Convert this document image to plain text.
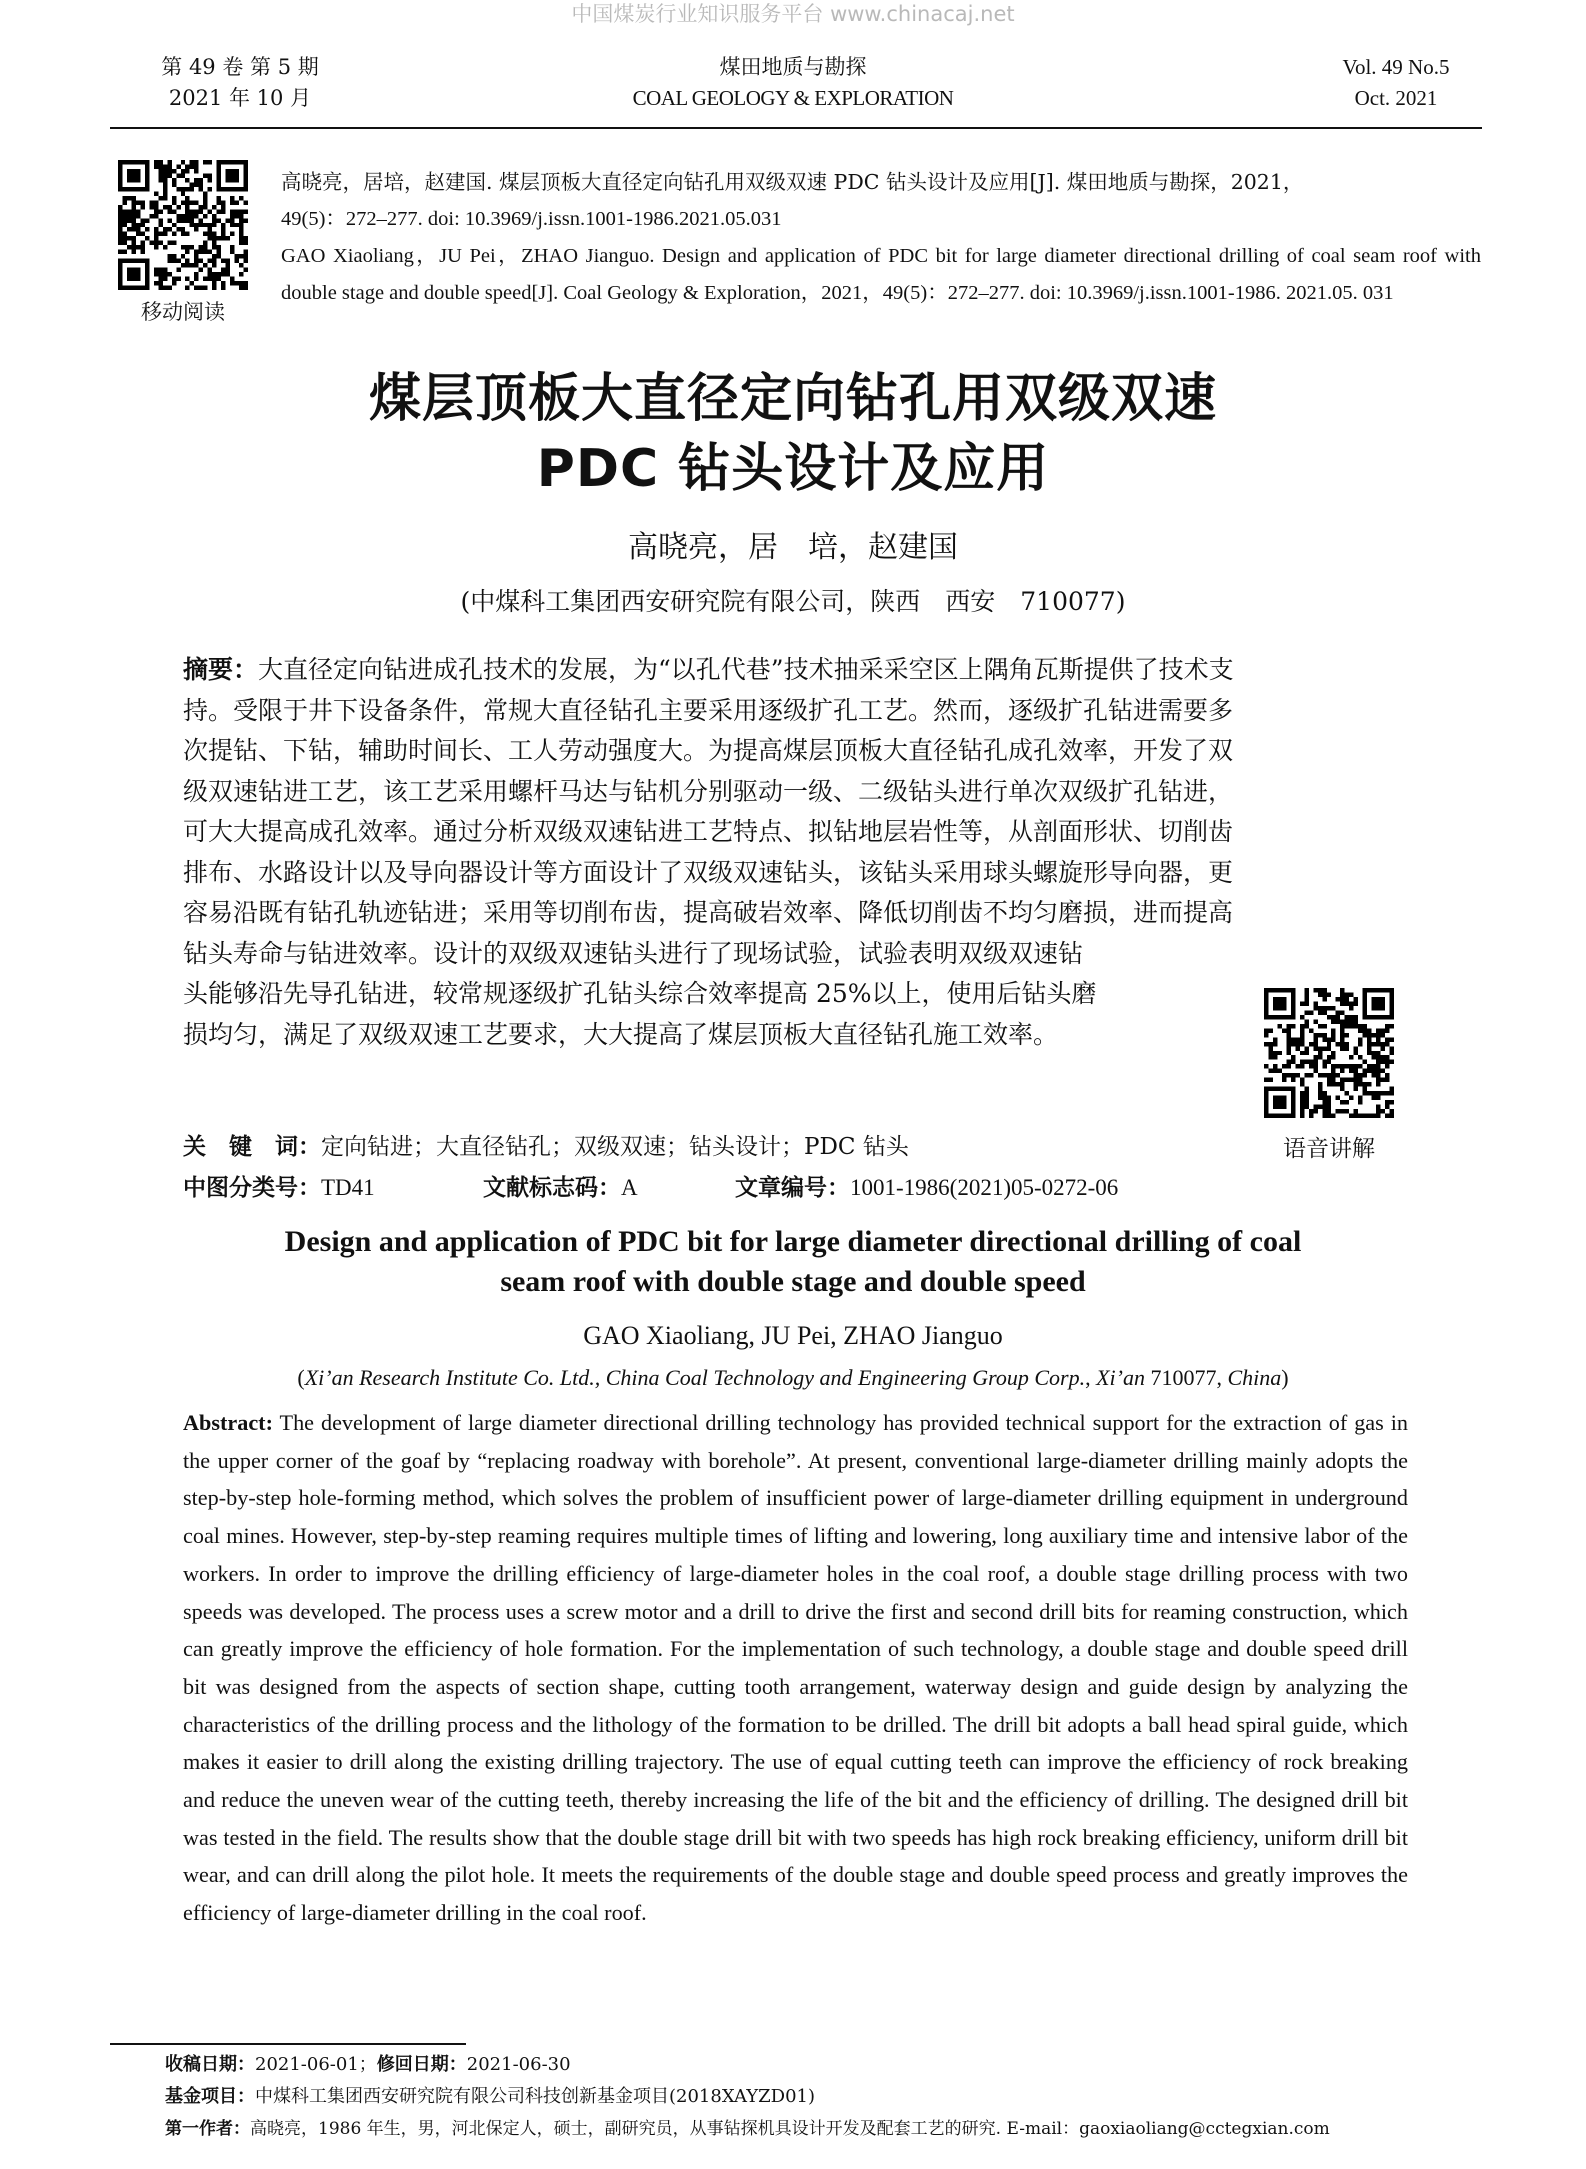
中国煤炭行业知识服务平台 www.chinacaj.net
第 49 卷 第 5 期
2021 年 10 月
煤田地质与勘探
COAL GEOLOGY & EXPLORATION
Vol. 49 No.5
Oct. 2021
移动阅读

高晓亮，居培，赵建国. 煤层顶板大直径定向钻孔用双级双速 PDC 钻头设计及应用[J]. 煤田地质与勘探，2021，

49(5)：272–277. doi: 10.3969/j.issn.1001-1986.2021.05.031

GAO Xiaoliang，JU Pei，ZHAO Jianguo. Design and application of PDC bit for large diameter directional drilling of coal seam roof with double stage and double speed[J]. Coal Geology & Exploration，2021，49(5)：272–277. doi: 10.3969/j.issn.1001-1986. 2021.05. 031

煤层顶板大直径定向钻孔用双级双速
PDC 钻头设计及应用
高晓亮，居　培，赵建国
(中煤科工集团西安研究院有限公司，陕西　西安　710077)
摘要：大直径定向钻进成孔技术的发展，为“以孔代巷”技术抽采采空区上隅角瓦斯提供了技术支
持。受限于井下设备条件，常规大直径钻孔主要采用逐级扩孔工艺。然而，逐级扩孔钻进需要多
次提钻、下钻，辅助时间长、工人劳动强度大。为提高煤层顶板大直径钻孔成孔效率，开发了双
级双速钻进工艺，该工艺采用螺杆马达与钻机分别驱动一级、二级钻头进行单次双级扩孔钻进，
可大大提高成孔效率。通过分析双级双速钻进工艺特点、拟钻地层岩性等，从剖面形状、切削齿
排布、水路设计以及导向器设计等方面设计了双级双速钻头，该钻头采用球头螺旋形导向器，更
容易沿既有钻孔轨迹钻进；采用等切削布齿，提高破岩效率、降低切削齿不均匀磨损，进而提高
钻头寿命与钻进效率。设计的双级双速钻头进行了现场试验，试验表明双级双速钻
头能够沿先导孔钻进，较常规逐级扩孔钻头综合效率提高 25%以上，使用后钻头磨
损均匀，满足了双级双速工艺要求，大大提高了煤层顶板大直径钻孔施工效率。
语音讲解
关　键　词：定向钻进；大直径钻孔；双级双速；钻头设计；PDC 钻头
中图分类号：TD41	文献标志码：A	文章编号：1001-1986(2021)05-0272-06
Design and application of PDC bit for large diameter directional drilling of coal
seam roof with double stage and double speed
GAO Xiaoliang, JU Pei, ZHAO Jianguo
(Xi’an Research Institute Co. Ltd., China Coal Technology and Engineering Group Corp., Xi’an 710077, China)
Abstract: The development of large diameter directional drilling technology has provided technical support for the extraction of gas in the upper corner of the goaf by “replacing roadway with borehole”. At present, conventional large-diameter drilling mainly adopts the step-by-step hole-forming method, which solves the problem of insufficient power of large-diameter drilling equipment in underground coal mines. However, step-by-step reaming requires multiple times of lifting and lowering, long auxiliary time and intensive labor of the workers. In order to improve the drilling efficiency of large-diameter holes in the coal roof, a double stage drilling process with two speeds was developed. The process uses a screw motor and a drill to drive the first and second drill bits for reaming construction, which can greatly improve the efficiency of hole formation. For the implementation of such technology, a double stage and double speed drill bit was designed from the aspects of section shape, cutting tooth arrangement, waterway design and guide design by analyzing the characteristics of the drilling process and the lithology of the formation to be drilled. The drill bit adopts a ball head spiral guide, which makes it easier to drill along the existing drilling trajectory. The use of equal cutting teeth can improve the efficiency of rock breaking and reduce the uneven wear of the cutting teeth, thereby increasing the life of the bit and the efficiency of drilling. The designed drill bit was tested in the field. The results show that the double stage drill bit with two speeds has high rock breaking efficiency, uniform drill bit wear, and can drill along the pilot hole. It meets the requirements of the double stage and double speed process and greatly improves the efficiency of large-diameter drilling in the coal roof.
收稿日期：2021-06-01；修回日期：2021-06-30
基金项目：中煤科工集团西安研究院有限公司科技创新基金项目(2018XAYZD01)
第一作者：高晓亮，1986 年生，男，河北保定人，硕士，副研究员，从事钻探机具设计开发及配套工艺的研究. E-mail：gaoxiaoliang@cctegxian.com
